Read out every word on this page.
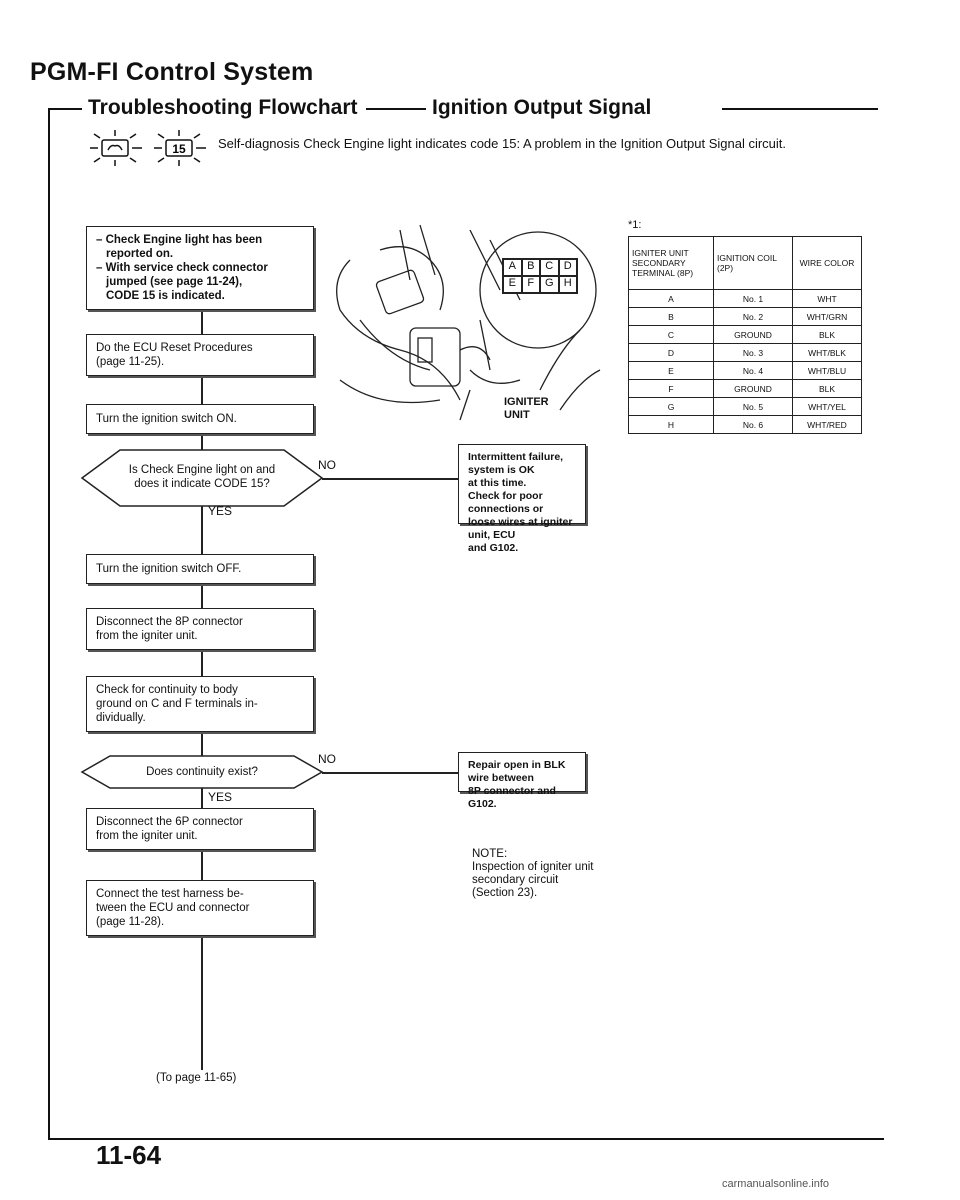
PGM-FI Control System
Troubleshooting Flowchart	Ignition Output Signal
15 Self-diagnosis Check Engine light indicates code 15: A problem in the Ignition Output Signal circuit.
– Check Engine light has been
reported on.
– With service check connector
jumped (see page 11-24),
CODE 15 is indicated.
Do the ECU Reset Procedures
(page 11-25).
Turn the ignition switch ON.
Is Check Engine light on and
does it indicate CODE 15?
NO
YES
Intermittent failure, system is OK
at this time.
Check for poor connections or
loose wires at igniter unit, ECU
and G102.
Turn the ignition switch OFF.
Disconnect the 8P connector
from the igniter unit.
Check for continuity to body
ground on C and F terminals in-
dividually.
Does continuity exist?
NO
YES
Repair open in BLK wire between
8P connector and G102.
Disconnect the 6P connector
from the igniter unit.
Connect the test harness be-
tween the ECU and connector
(page 11-28).
(To page 11-65)
NOTE:
Inspection of igniter unit
secondary circuit
(Section 23).
A	B C D
E	F G H
IGNITER
UNIT
*1:
IGNITER UNIT SECONDARY TERMINAL (8P)	IGNITION COIL (2P)	WIRE COLOR
A	No. 1	WHT
B	No. 2	WHT/GRN
C	GROUND	BLK
D	No. 3	WHT/BLK
E	No. 4	WHT/BLU
F	GROUND	BLK
G	No. 5	WHT/YEL
H	No. 6	WHT/RED
11-64
carmanualsonline.info
